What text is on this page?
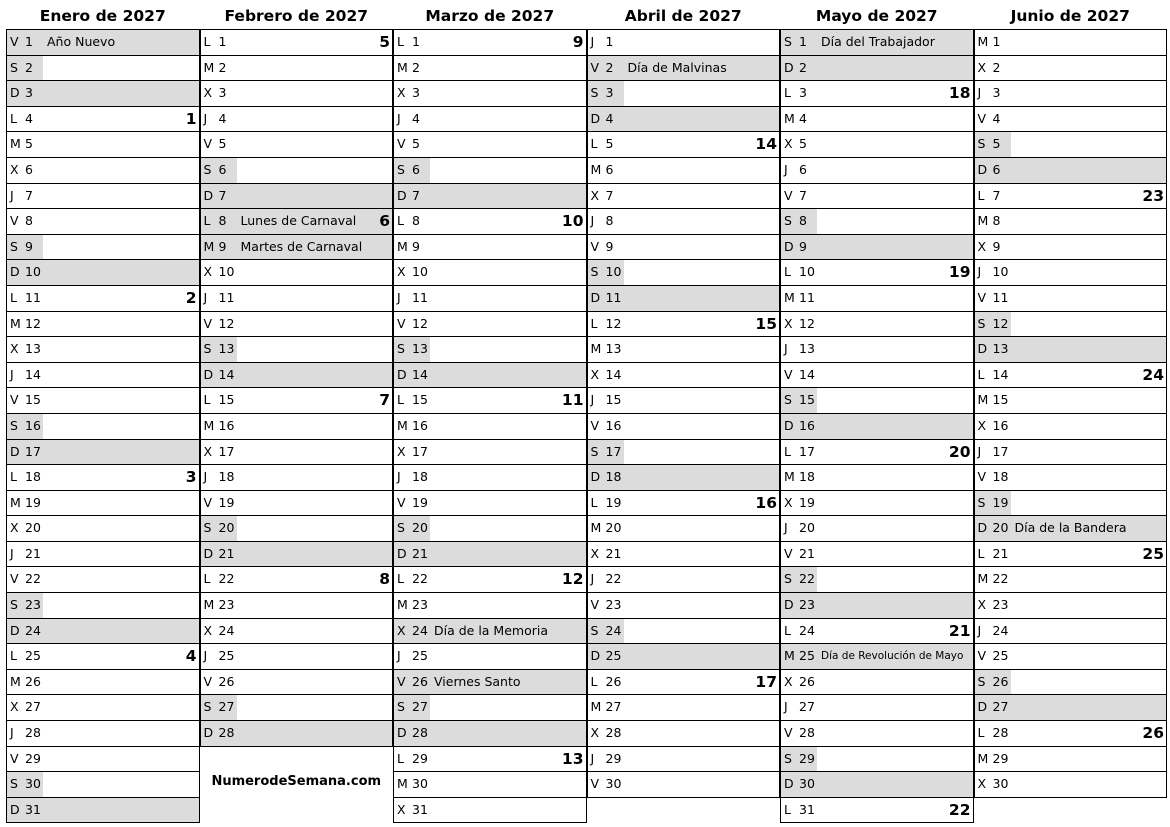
Enero de 2027
V 1	Año Nuevo
S 2
D 3
L 4	1
M 5
X 6
J 7
V 8
S 9
D 10
L 11	2
M 12
X 13
J 14
V 15
S 16
D 17
L 18	3
M 19
X 20
J 21
V 22
S 23
D 24
L 25	4
M 26
X 27
J 28
V 29
S 30
D 31
Febrero de 2027
L 1	5
M 2
X 3
J 4
V 5
S 6
D 7
L 8	Lunes de Carnaval 6
M 9	Martes de Carnaval
X 10
J 11
V 12
S 13
D 14
L 15	7
M 16
X 17
J 18
V 19
S 20
D 21
L 22	8
M 23
X 24
J 25
V 26
S 27
D 28
Marzo de 2027
L 1	9
M 2
X 3
J 4
V 5
S 6
D 7
L 8	10
M 9
X 10
J 11
V 12
S 13
D 14
L 15	11
M 16
X 17
J 18
V 19
S 20
D 21
L 22	12
M 23
X 24 Día de la Memoria
J 25
V 26 Viernes Santo
S 27
D 28
L 29	13
M 30
X 31
Abril de 2027
J 1
V 2	Día de Malvinas
S 3
D 4
L 5	14
M 6
X 7
J 8
V 9
S 10
D 11
L 12	15
M 13
X 14
J 15
V 16
S 17
D 18
L 19	16
M 20
X 21
J 22
V 23
S 24
D 25
L 26	17
M 27
X 28
J 29
V 30
Mayo de 2027
S 1	Día del Trabajador
D 2
L 3	18
M 4
X 5
J 6
V 7
S 8
D 9
L 10	19
M 11
X 12
J 13
V 14
S 15
D 16
L 17	20
M 18
X 19
J 20
V 21
S 22
D 23
L 24	21
M 25 Día de Revolución de Mayo
X 26
J 27
V 28
S 29
D 30
L 31	22
Junio de 2027
M 1
X 2
J 3
V 4
S 5
D 6
L 7	23
M 8
X 9
J 10
V 11
S 12
D 13
L 14	24
M 15
X 16
J 17
V 18
S 19
D 20 Día de la Bandera
L 21	25
M 22
X 23
J 24
V 25
S 26
D 27
L 28	26
M 29
X 30
NumerodeSemana.com
